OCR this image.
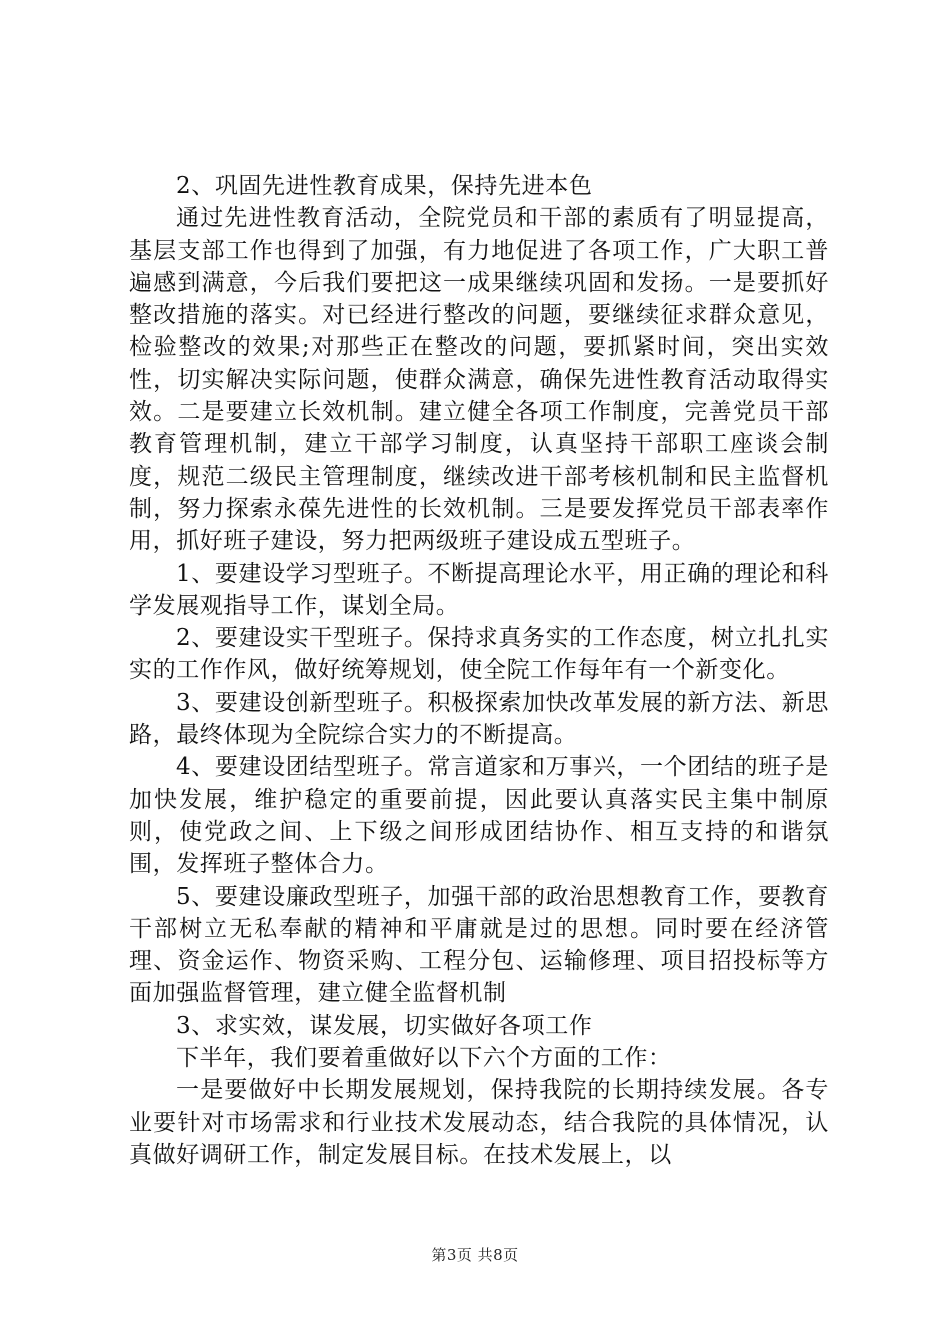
2、巩固先进性教育成果，保持先进本色

通过先进性教育活动，全院党员和干部的素质有了明显提高，基层支部工作也得到了加强，有力地促进了各项工作，广大职工普遍感到满意，今后我们要把这一成果继续巩固和发扬。一是要抓好整改措施的落实。对已经进行整改的问题，要继续征求群众意见，检验整改的效果;对那些正在整改的问题，要抓紧时间，突出实效性，切实解决实际问题，使群众满意，确保先进性教育活动取得实效。二是要建立长效机制。建立健全各项工作制度，完善党员干部教育管理机制，建立干部学习制度，认真坚持干部职工座谈会制度，规范二级民主管理制度，继续改进干部考核机制和民主监督机制，努力探索永葆先进性的长效机制。三是要发挥党员干部表率作用，抓好班子建设，努力把两级班子建设成五型班子。

1、要建设学习型班子。不断提高理论水平，用正确的理论和科学发展观指导工作，谋划全局。

2、要建设实干型班子。保持求真务实的工作态度，树立扎扎实实的工作作风，做好统筹规划，使全院工作每年有一个新变化。

3、要建设创新型班子。积极探索加快改革发展的新方法、新思路，最终体现为全院综合实力的不断提高。

4、要建设团结型班子。常言道家和万事兴，一个团结的班子是加快发展，维护稳定的重要前提，因此要认真落实民主集中制原则，使党政之间、上下级之间形成团结协作、相互支持的和谐氛围，发挥班子整体合力。

5、要建设廉政型班子，加强干部的政治思想教育工作，要教育干部树立无私奉献的精神和平庸就是过的思想。同时要在经济管理、资金运作、物资采购、工程分包、运输修理、项目招投标等方面加强监督管理，建立健全监督机制

3、求实效，谋发展，切实做好各项工作

下半年，我们要着重做好以下六个方面的工作：

一是要做好中长期发展规划，保持我院的长期持续发展。各专业要针对市场需求和行业技术发展动态，结合我院的具体情况，认真做好调研工作，制定发展目标。在技术发展上，以

第3页 共8页
